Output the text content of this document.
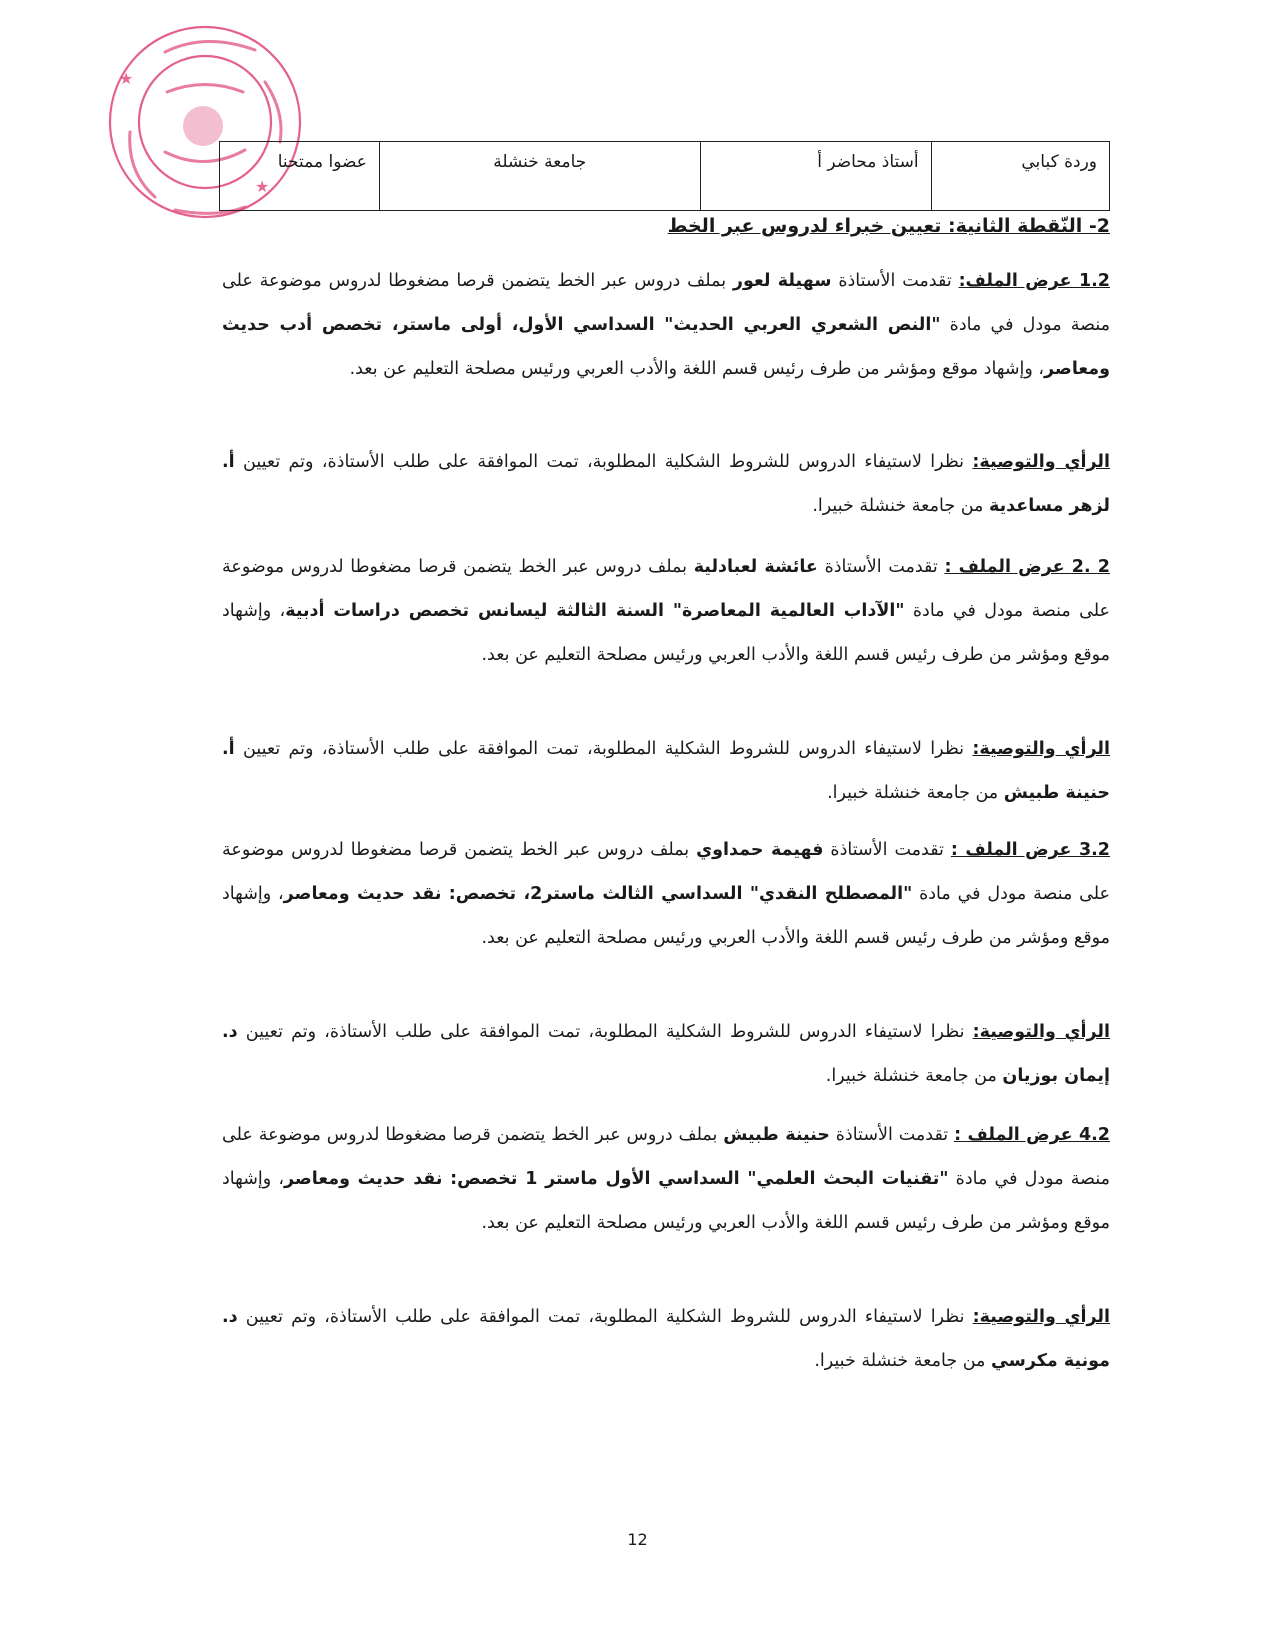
★
★
وردة كبابي	أستاذ محاضر أ	جامعة خنشلة	عضوا ممتحنا
2- النّقطة الثانية: تعيين خبراء لدروس عبر الخط
1.2 عرض الملف: تقدمت الأستاذة سهيلة لعور بملف دروس عبر الخط يتضمن قرصا مضغوطا لدروس موضوعة على منصة مودل في مادة "النص الشعري العربي الحديث" السداسي الأول، أولى ماستر، تخصص أدب حديث ومعاصر، وإشهاد موقع ومؤشر من طرف رئيس قسم اللغة والأدب العربي ورئيس مصلحة التعليم عن بعد.
الرأي والتوصية: نظرا لاستيفاء الدروس للشروط الشكلية المطلوبة، تمت الموافقة على طلب الأستاذة، وتم تعيين أ. لزهر مساعدية من جامعة خنشلة خبيرا.
2 .2 عرض الملف : تقدمت الأستاذة عائشة لعبادلية بملف دروس عبر الخط يتضمن قرصا مضغوطا لدروس موضوعة على منصة مودل في مادة "الآداب العالمية المعاصرة" السنة الثالثة ليسانس تخصص دراسات أدبية، وإشهاد موقع ومؤشر من طرف رئيس قسم اللغة والأدب العربي ورئيس مصلحة التعليم عن بعد.
الرأي والتوصية: نظرا لاستيفاء الدروس للشروط الشكلية المطلوبة، تمت الموافقة على طلب الأستاذة، وتم تعيين أ. حنينة طبيش من جامعة خنشلة خبيرا.
3.2 عرض الملف : تقدمت الأستاذة فهيمة حمداوي بملف دروس عبر الخط يتضمن قرصا مضغوطا لدروس موضوعة على منصة مودل في مادة "المصطلح النقدي" السداسي الثالث ماستر2، تخصص: نقد حديث ومعاصر، وإشهاد موقع ومؤشر من طرف رئيس قسم اللغة والأدب العربي ورئيس مصلحة التعليم عن بعد.
الرأي والتوصية: نظرا لاستيفاء الدروس للشروط الشكلية المطلوبة، تمت الموافقة على طلب الأستاذة، وتم تعيين د. إيمان بوزيان من جامعة خنشلة خبيرا.
4.2 عرض الملف : تقدمت الأستاذة حنينة طبيش بملف دروس عبر الخط يتضمن قرصا مضغوطا لدروس موضوعة على منصة مودل في مادة "تقنيات البحث العلمي" السداسي الأول ماستر 1 تخصص: نقد حديث ومعاصر، وإشهاد موقع ومؤشر من طرف رئيس قسم اللغة والأدب العربي ورئيس مصلحة التعليم عن بعد.
الرأي والتوصية: نظرا لاستيفاء الدروس للشروط الشكلية المطلوبة، تمت الموافقة على طلب الأستاذة، وتم تعيين د. مونية مكرسي من جامعة خنشلة خبيرا.
12
